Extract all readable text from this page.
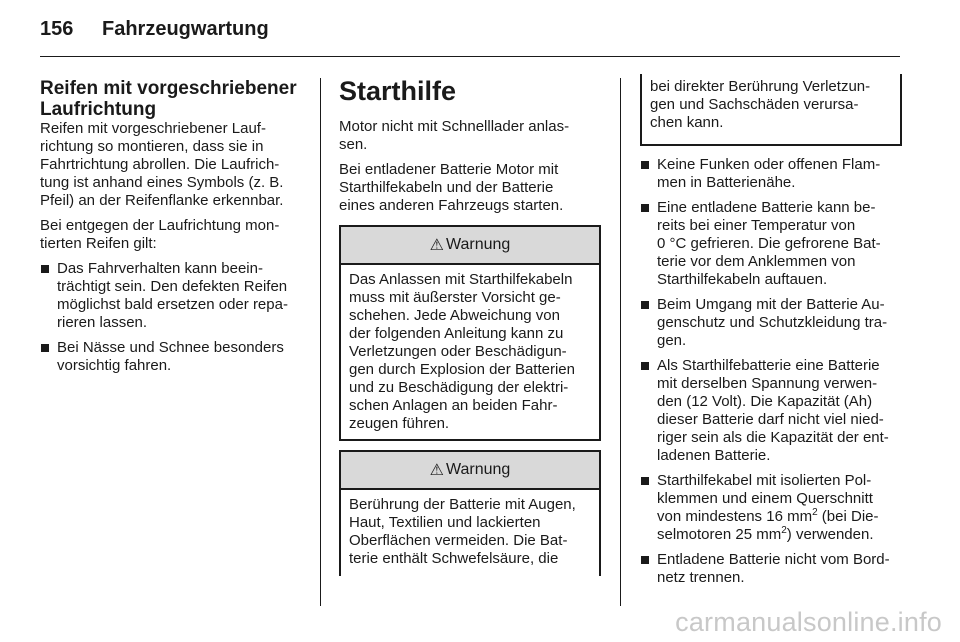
156 Fahrzeugwartung
Reifen mit vorgeschriebener
Laufrichtung

Reifen mit vorgeschriebener Lauf-
richtung so montieren, dass sie in
Fahrtrichtung abrollen. Die Laufrich-
tung ist anhand eines Symbols (z. B.
Pfeil) an der Reifenflanke erkennbar.

Bei entgegen der Laufrichtung mon-
tierten Reifen gilt:

Das Fahrverhalten kann beein-
trächtigt sein. Den defekten Reifen
möglichst bald ersetzen oder repa-
rieren lassen.
Bei Nässe und Schnee besonders
vorsichtig fahren.
Starthilfe

Motor nicht mit Schnelllader anlas-
sen.

Bei entladener Batterie Motor mit
Starthilfekabeln und der Batterie
eines anderen Fahrzeugs starten.

⚠ Warnung
Das Anlassen mit Starthilfekabeln
muss mit äußerster Vorsicht ge-
schehen. Jede Abweichung von
der folgenden Anleitung kann zu
Verletzungen oder Beschädigun-
gen durch Explosion der Batterien
und zu Beschädigung der elektri-
schen Anlagen an beiden Fahr-
zeugen führen.
⚠ Warnung
Berührung der Batterie mit Augen,
Haut, Textilien und lackierten
Oberflächen vermeiden. Die Bat-
terie enthält Schwefelsäure, die
bei direkter Berührung Verletzun-
gen und Sachschäden verursa-
chen kann.
Keine Funken oder offenen Flam-
men in Batterienähe.
Eine entladene Batterie kann be-
reits bei einer Temperatur von
0 °C gefrieren. Die gefrorene Bat-
terie vor dem Anklemmen von
Starthilfekabeln auftauen.
Beim Umgang mit der Batterie Au-
genschutz und Schutzkleidung tra-
gen.
Als Starthilfebatterie eine Batterie
mit derselben Spannung verwen-
den (12 Volt). Die Kapazität (Ah)
dieser Batterie darf nicht viel nied-
riger sein als die Kapazität der ent-
ladenen Batterie.
Starthilfekabel mit isolierten Pol-
klemmen und einem Querschnitt
von mindestens 16 $mm^2$ (bei Die-
selmotoren 25 $mm^2$) verwenden.
Entladene Batterie nicht vom Bord-
netz trennen.
carmanualsonline.info
